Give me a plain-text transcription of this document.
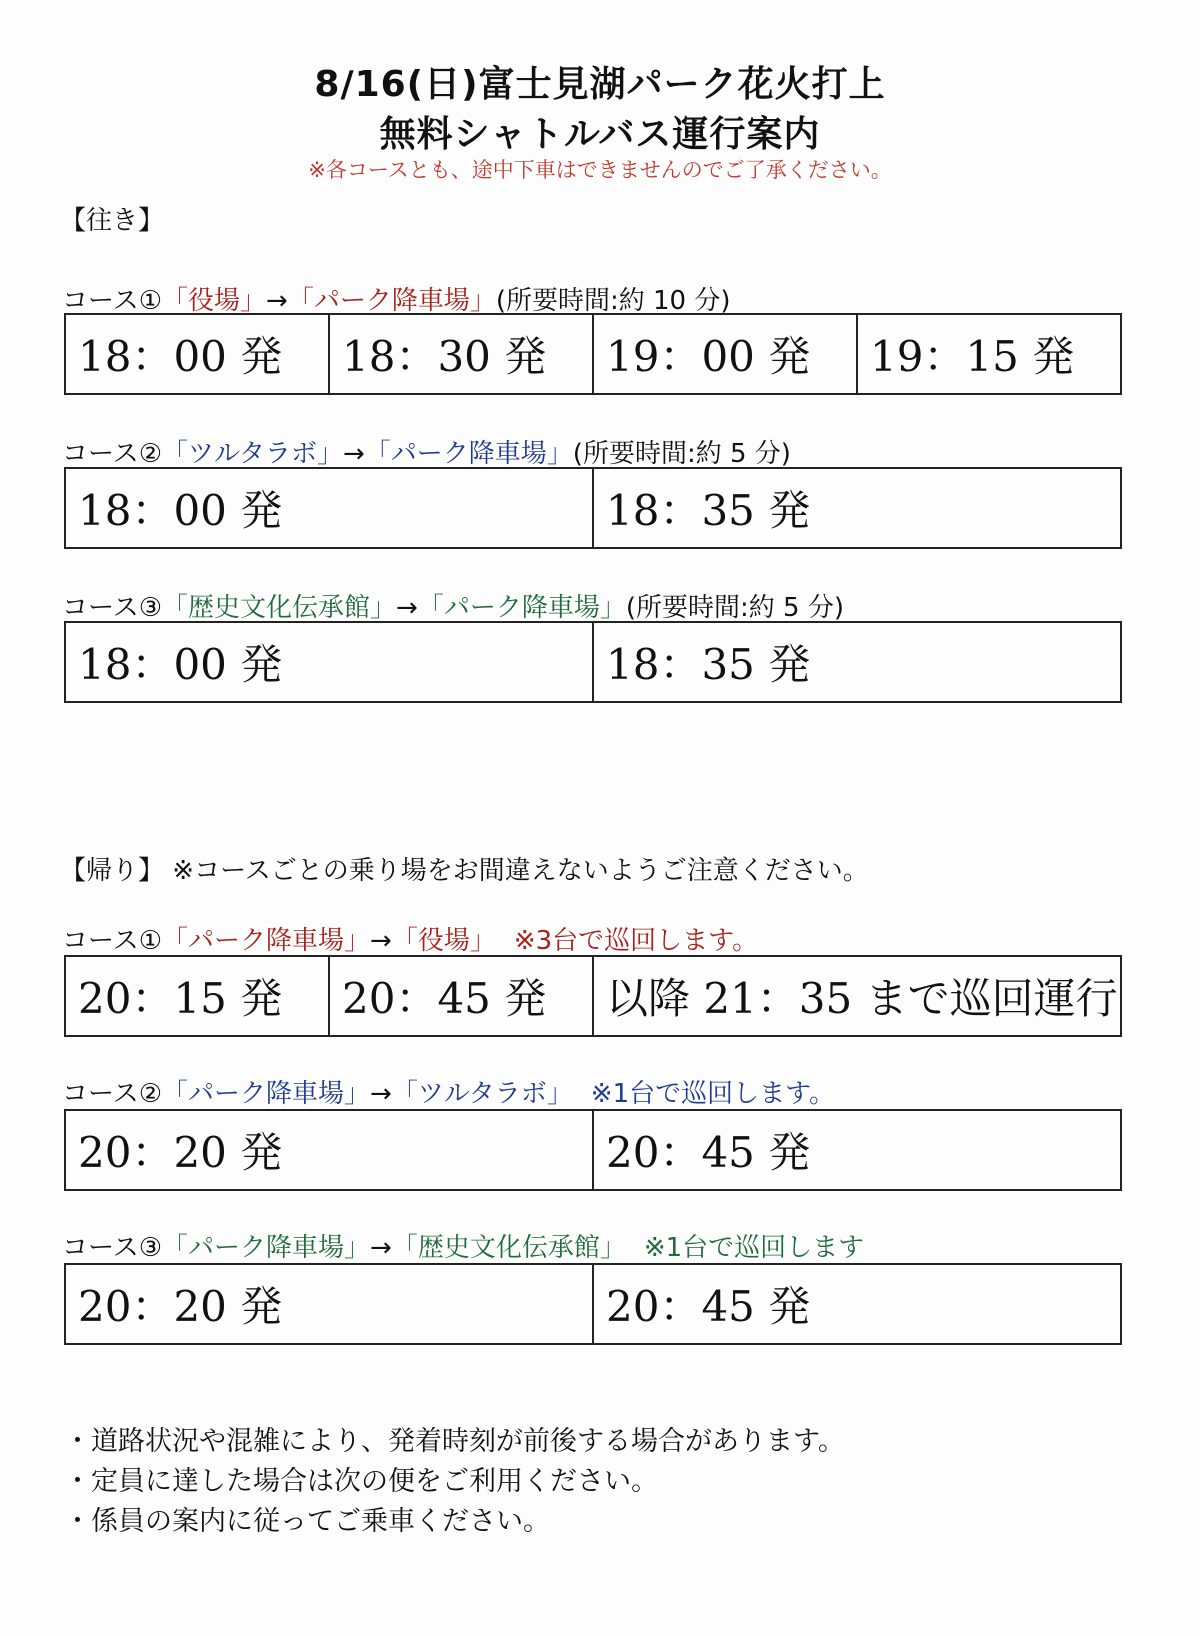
8/16(日)富士見湖パーク花火打上
無料シャトルバス運行案内
※各コースとも、途中下車はできませんのでご了承ください。
【往き】
コース①「役場」→「パーク降車場」(所要時間:約 10 分)
18：00 発	18：30 発	19：00 発	19：15 発
コース②「ツルタラボ」→「パーク降車場」(所要時間:約 5 分)
18：00 発	18：35 発
コース③「歴史文化伝承館」→「パーク降車場」(所要時間:約 5 分)
18：00 発	18：35 発
【帰り】 ※コースごとの乗り場をお間違えないようご注意ください。
コース①「パーク降車場」→「役場」 ※3台で巡回します。
20：15 発	20：45 発	以降 21：35 まで巡回運行
コース②「パーク降車場」→「ツルタラボ」 ※1台で巡回します。
20：20 発	20：45 発
コース③「パーク降車場」→「歴史文化伝承館」 ※1台で巡回します
20：20 発	20：45 発
・道路状況や混雑により、発着時刻が前後する場合があります。
・定員に達した場合は次の便をご利用ください。
・係員の案内に従ってご乗車ください。
